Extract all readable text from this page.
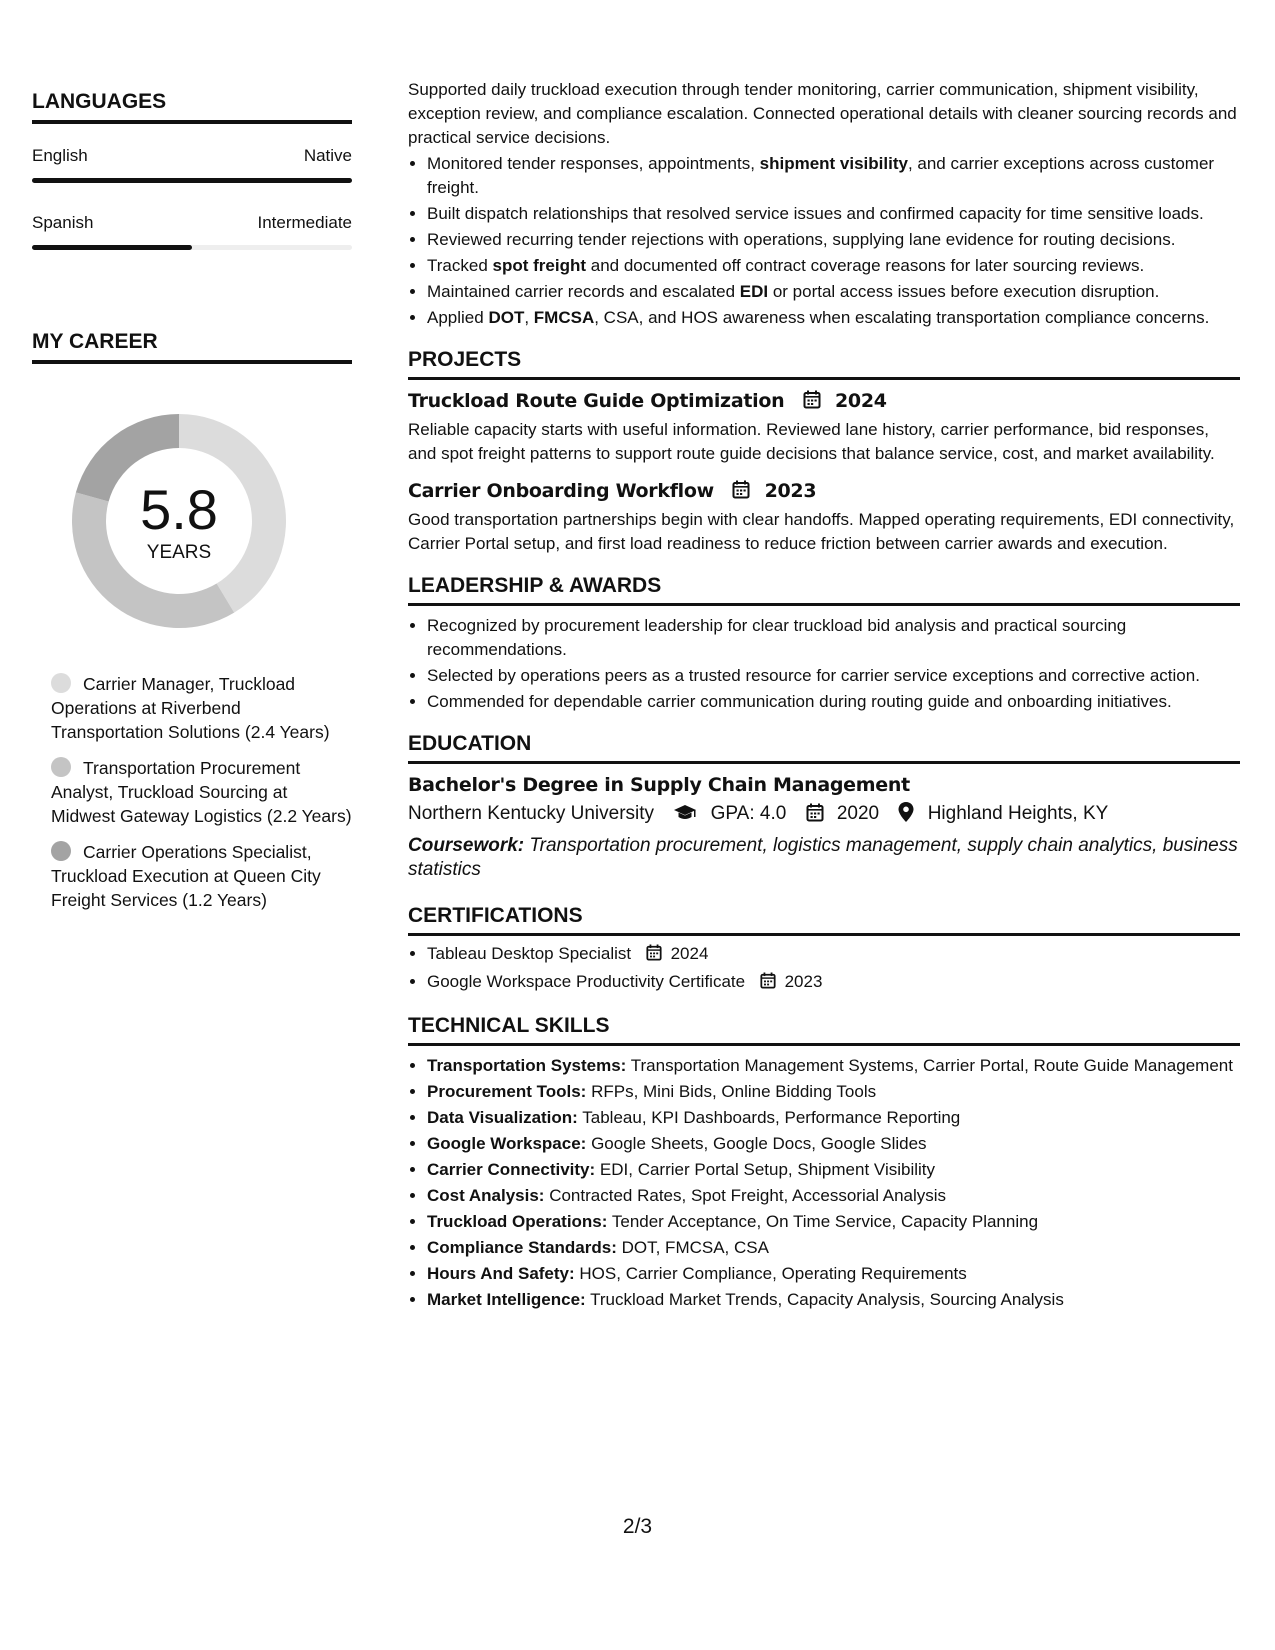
LANGUAGES
English	Native
Spanish	Intermediate
MY CAREER
5.8
YEARS
Carrier Manager, Truckload Operations at Riverbend Transportation Solutions (2.4 Years)
Transportation Procurement Analyst, Truckload Sourcing at Midwest Gateway Logistics (2.2 Years)
Carrier Operations Specialist, Truckload Execution at Queen City Freight Services (1.2 Years)

Supported daily truckload execution through tender monitoring, carrier communication, shipment visibility, exception review, and compliance escalation. Connected operational details with cleaner sourcing records and practical service decisions.

• Monitored tender responses, appointments, shipment visibility, and carrier exceptions across customer freight.
• Built dispatch relationships that resolved service issues and confirmed capacity for time sensitive loads.
• Reviewed recurring tender rejections with operations, supplying lane evidence for routing decisions.
• Tracked spot freight and documented off contract coverage reasons for later sourcing reviews.
• Maintained carrier records and escalated EDI or portal access issues before execution disruption.
• Applied DOT, FMCSA, CSA, and HOS awareness when escalating transportation compliance concerns.
PROJECTS
Truckload Route Guide Optimization	2024
Reliable capacity starts with useful information. Reviewed lane history, carrier performance, bid responses, and spot freight patterns to support route guide decisions that balance service, cost, and market availability.
Carrier Onboarding Workflow	2023
Good transportation partnerships begin with clear handoffs. Mapped operating requirements, EDI connectivity, Carrier Portal setup, and first load readiness to reduce friction between carrier awards and execution.
LEADERSHIP & AWARDS
• Recognized by procurement leadership for clear truckload bid analysis and practical sourcing recommendations.
• Selected by operations peers as a trusted resource for carrier service exceptions and corrective action.
• Commended for dependable carrier communication during routing guide and onboarding initiatives.
EDUCATION
Bachelor's Degree in Supply Chain Management
Northern Kentucky University	GPA: 4.0	2020	Highland Heights, KY
Coursework: Transportation procurement, logistics management, supply chain analytics, business statistics
CERTIFICATIONS
• Tableau Desktop Specialist 2024
• Google Workspace Productivity Certificate 2023
TECHNICAL SKILLS
• Transportation Systems: Transportation Management Systems, Carrier Portal, Route Guide Management
• Procurement Tools: RFPs, Mini Bids, Online Bidding Tools
• Data Visualization: Tableau, KPI Dashboards, Performance Reporting
• Google Workspace: Google Sheets, Google Docs, Google Slides
• Carrier Connectivity: EDI, Carrier Portal Setup, Shipment Visibility
• Cost Analysis: Contracted Rates, Spot Freight, Accessorial Analysis
• Truckload Operations: Tender Acceptance, On Time Service, Capacity Planning
• Compliance Standards: DOT, FMCSA, CSA
• Hours And Safety: HOS, Carrier Compliance, Operating Requirements
• Market Intelligence: Truckload Market Trends, Capacity Analysis, Sourcing Analysis
2/3
